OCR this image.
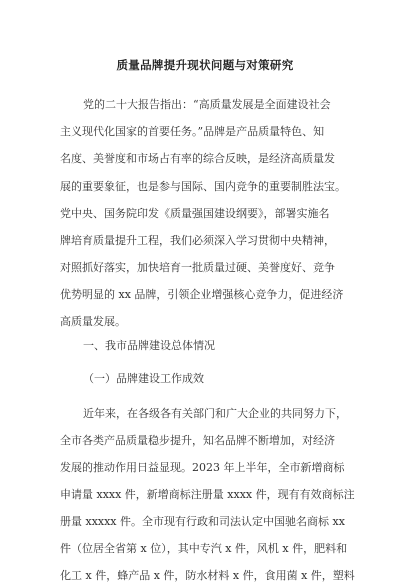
质量品牌提升现状问题与对策研究
党的二十大报告指出：“高质量发展是全面建设社会
主义现代化国家的首要任务。”品牌是产品质量特色、知
名度、美誉度和市场占有率的综合反映，是经济高质量发
展的重要象征，也是参与国际、国内竞争的重要制胜法宝。
党中央、国务院印发《质量强国建设纲要》，部署实施名
牌培育质量提升工程，我们必须深入学习贯彻中央精神，
对照抓好落实，加快培育一批质量过硬、美誉度好、竞争
优势明显的 xx 品牌，引领企业增强核心竞争力，促进经济
高质量发展。
一、我市品牌建设总体情况
（一）品牌建设工作成效
近年来，在各级各有关部门和广大企业的共同努力下，
全市各类产品质量稳步提升，知名品牌不断增加，对经济
发展的推动作用日益显现。2023 年上半年，全市新增商标
申请量 xxxx 件，新增商标注册量 xxxx 件，现有有效商标注
册量 xxxxx 件。全市现有行政和司法认定中国驰名商标 xx
件（位居全省第 x 位），其中专汽 x 件，风机 x 件，肥料和
化工 x 件，蜂产品 x 件，防水材料 x 件，食用菌 x 件，塑料
